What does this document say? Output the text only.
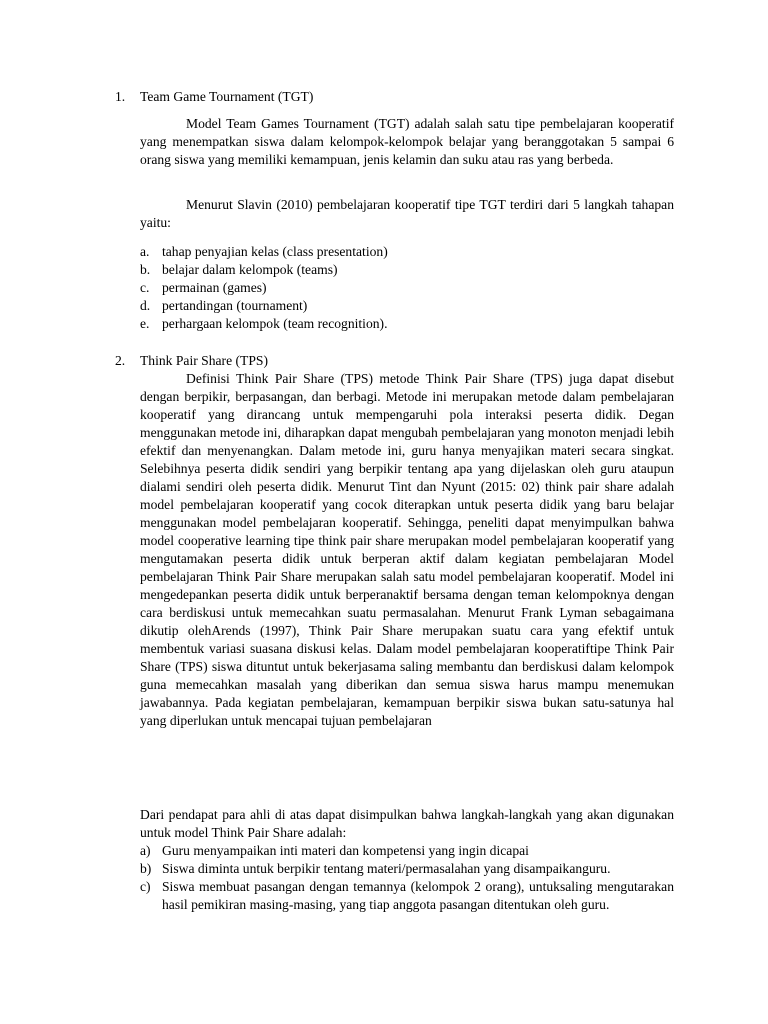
1. Team Game Tournament (TGT)
Model Team Games Tournament (TGT) adalah salah satu tipe pembelajaran kooperatif yang menempatkan siswa dalam kelompok-kelompok belajar yang beranggotakan 5 sampai 6 orang siswa yang memiliki kemampuan, jenis kelamin dan suku atau ras yang berbeda.
Menurut Slavin (2010) pembelajaran kooperatif tipe TGT terdiri dari 5 langkah tahapan yaitu:
a. tahap penyajian kelas (class presentation)
b. belajar dalam kelompok (teams)
c. permainan (games)
d. pertandingan (tournament)
e. perhargaan kelompok (team recognition).
2. Think Pair Share (TPS)
Definisi Think Pair Share (TPS) metode Think Pair Share (TPS) juga dapat disebut dengan berpikir, berpasangan, dan berbagi. Metode ini merupakan metode dalam pembelajaran kooperatif yang dirancang untuk mempengaruhi pola interaksi peserta didik. Degan menggunakan metode ini, diharapkan dapat mengubah pembelajaran yang monoton menjadi lebih efektif dan menyenangkan. Dalam metode ini, guru hanya menyajikan materi secara singkat. Selebihnya peserta didik sendiri yang berpikir tentang apa yang dijelaskan oleh guru ataupun dialami sendiri oleh peserta didik. Menurut Tint dan Nyunt (2015: 02) think pair share adalah model pembelajaran kooperatif yang cocok diterapkan untuk peserta didik yang baru belajar menggunakan model pembelajaran kooperatif. Sehingga, peneliti dapat menyimpulkan bahwa model cooperative learning tipe think pair share merupakan model pembelajaran kooperatif yang mengutamakan peserta didik untuk berperan aktif dalam kegiatan pembelajaran Model pembelajaran Think Pair Share merupakan salah satu model pembelajaran kooperatif. Model ini mengedepankan peserta didik untuk berperanaktif bersama dengan teman kelompoknya dengan cara berdiskusi untuk memecahkan suatu permasalahan. Menurut Frank Lyman sebagaimana dikutip olehArends (1997), Think Pair Share merupakan suatu cara yang efektif untuk membentuk variasi suasana diskusi kelas. Dalam model pembelajaran kooperatiftipe Think Pair Share (TPS) siswa dituntut untuk bekerjasama saling membantu dan berdiskusi dalam kelompok guna memecahkan masalah yang diberikan dan semua siswa harus mampu menemukan jawabannya. Pada kegiatan pembelajaran, kemampuan berpikir siswa bukan satu-satunya hal yang diperlukan untuk mencapai tujuan pembelajaran
Dari pendapat para ahli di atas dapat disimpulkan bahwa langkah-langkah yang akan digunakan untuk model Think Pair Share adalah:
a) Guru menyampaikan inti materi dan kompetensi yang ingin dicapai
b) Siswa diminta untuk berpikir tentang materi/permasalahan yang disampaikanguru.
c) Siswa membuat pasangan dengan temannya (kelompok 2 orang), untuksaling mengutarakan hasil pemikiran masing-masing, yang tiap anggota pasangan ditentukan oleh guru.
